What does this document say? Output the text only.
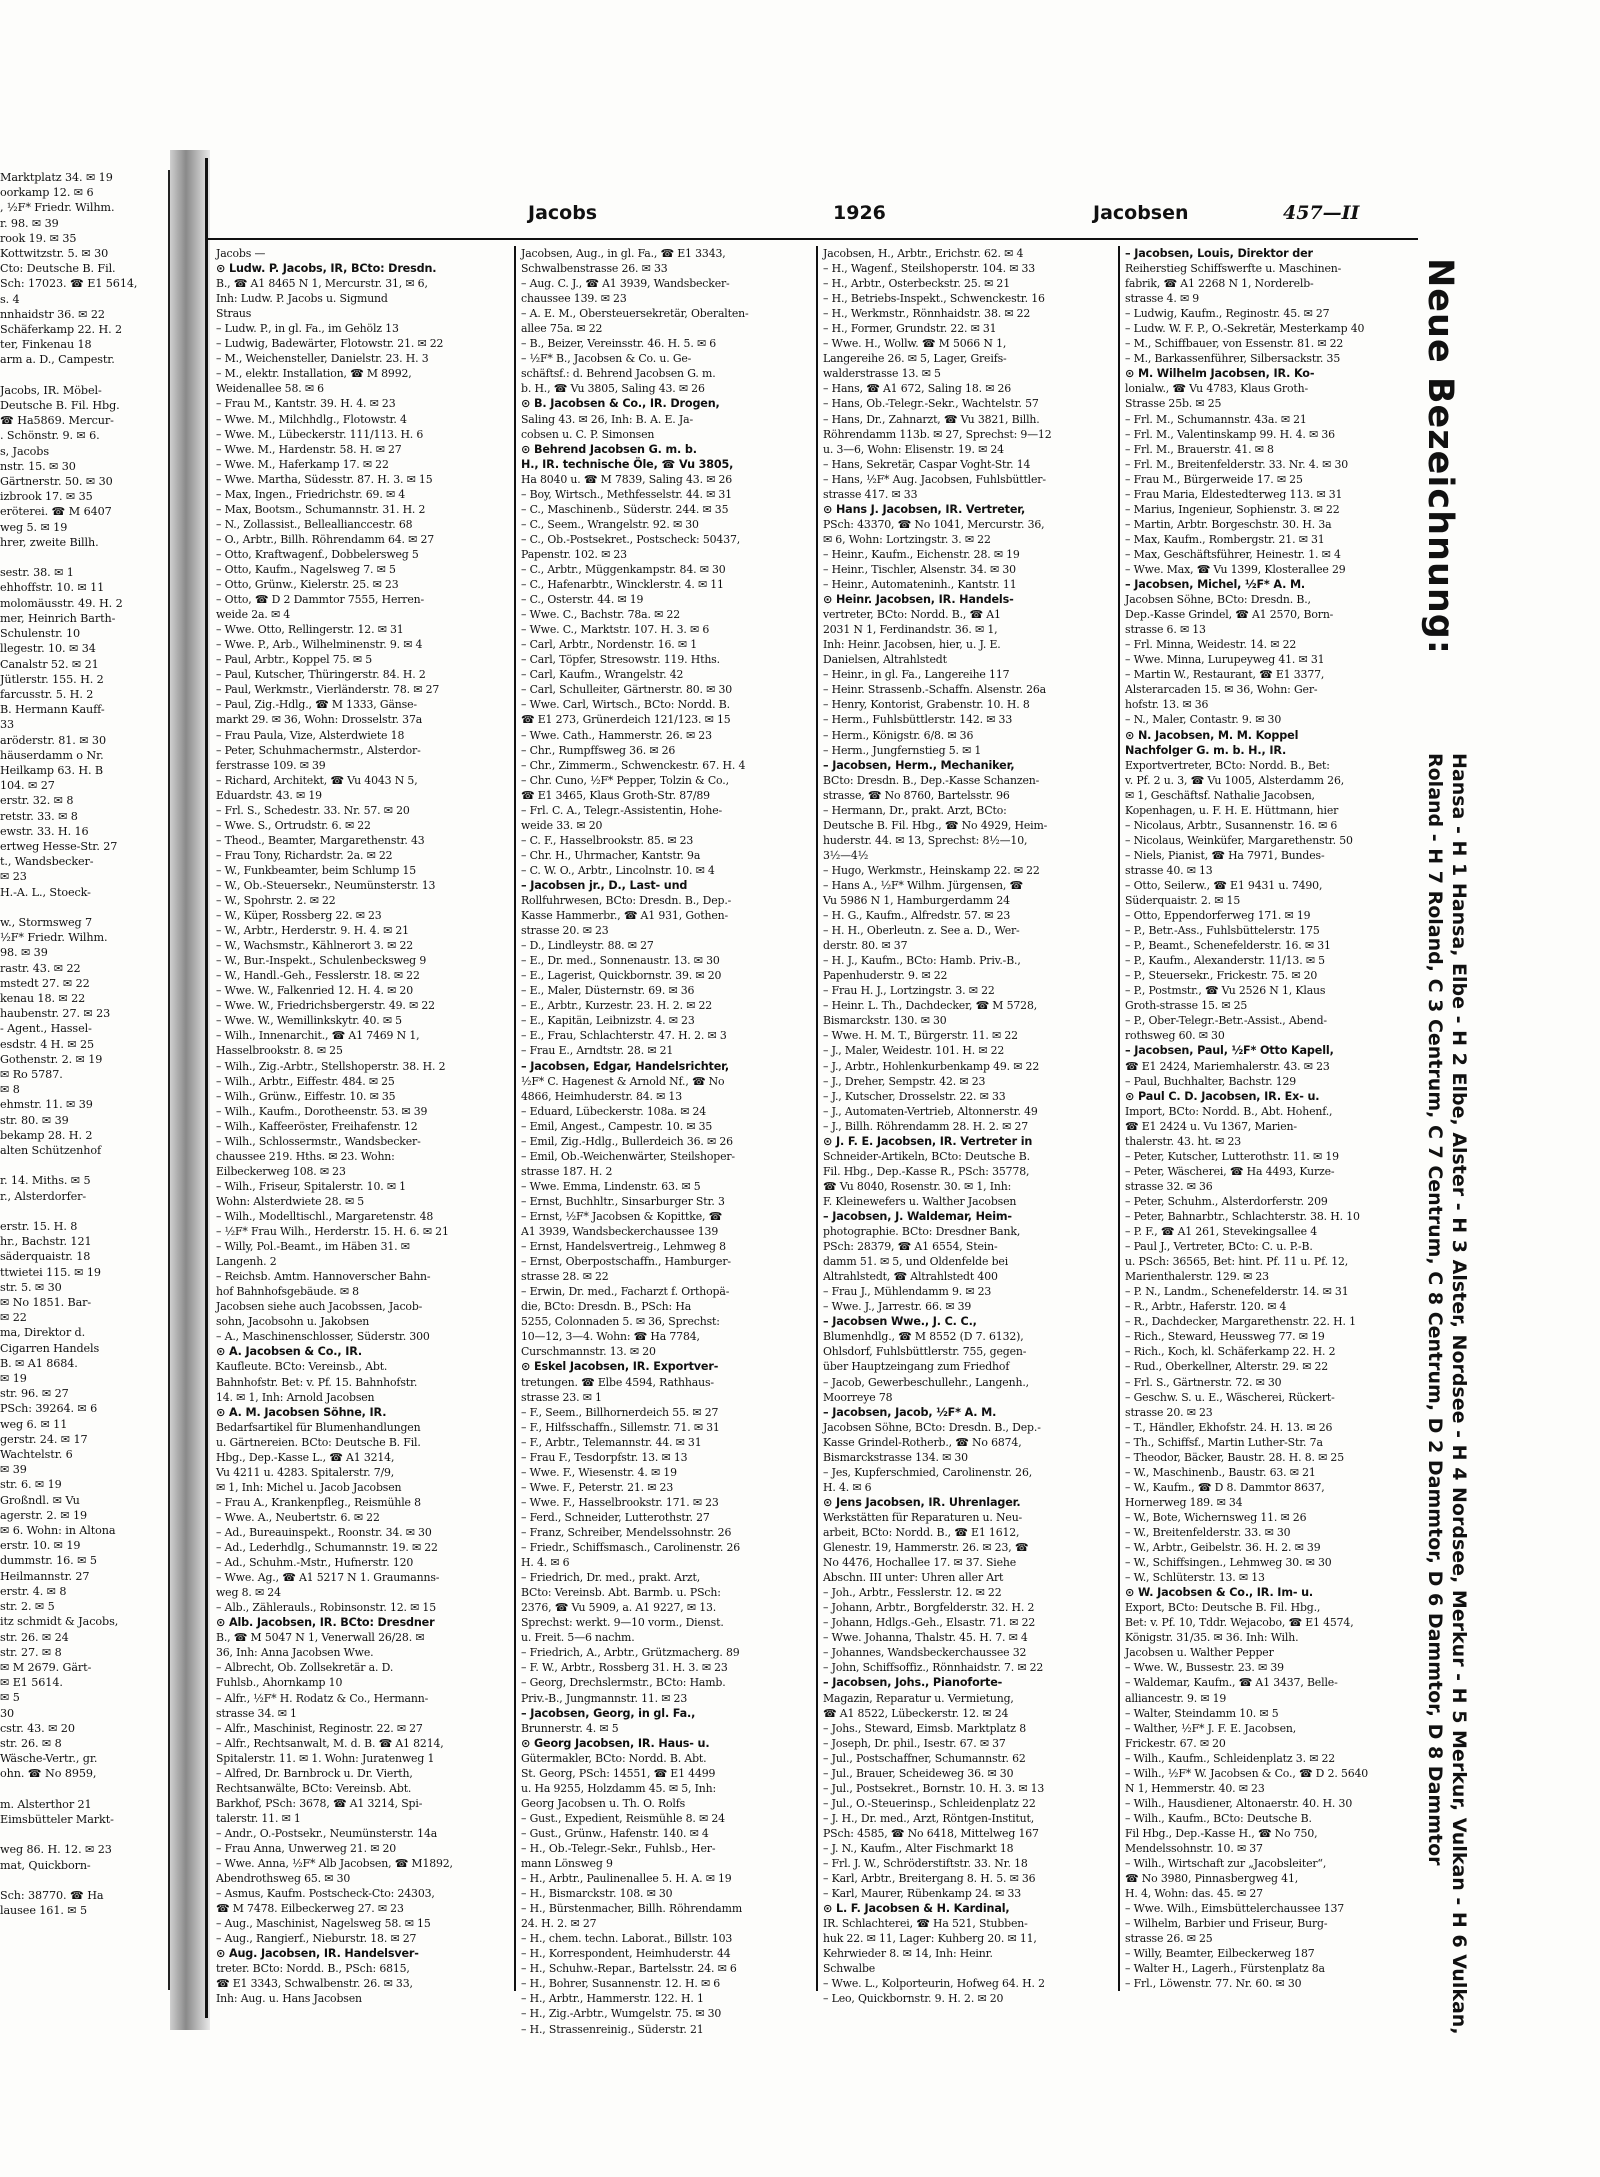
Marktplatz 34. ✉ 19
oorkamp 12. ✉ 6
, ½F* Friedr. Wilhm.
r. 98. ✉ 39
rook 19. ✉ 35
Kottwitzstr. 5. ✉ 30
Cto: Deutsche B. Fil.
Sch: 17023. ☎ E1 5614,
s. 4
nnhaidstr 36. ✉ 22
Schäferkamp 22. H. 2
ter, Finkenau 18
arm a. D., Campestr.

Jacobs, IR. Möbel-
Deutsche B. Fil. Hbg.
☎ Ha5869. Mercur-
. Schönstr. 9. ✉ 6.
s, Jacobs
nstr. 15. ✉ 30
Gärtnerstr. 50. ✉ 30
izbrook 17. ✉ 35
eröterei. ☎ M 6407
weg 5. ✉ 19
hrer, zweite Billh.

sestr. 38. ✉ 1
ehhoffstr. 10. ✉ 11
molomäusstr. 49. H. 2
mer, Heinrich Barth-
Schulenstr. 10
llegestr. 10. ✉ 34
Canalstr 52. ✉ 21
Jütlerstr. 155. H. 2
farcusstr. 5. H. 2
B. Hermann Kauff-
33
aröderstr. 81. ✉ 30
häuserdamm o Nr.
Heilkamp 63. H. B
104. ✉ 27
erstr. 32. ✉ 8
retstr. 33. ✉ 8
ewstr. 33. H. 16
ertweg Hesse-Str. 27
t., Wandsbecker-
✉ 23
H.-A. L., Stoeck-

w., Stormsweg 7
½F* Friedr. Wilhm.
98. ✉ 39
rastr. 43. ✉ 22
mstedt 27. ✉ 22
kenau 18. ✉ 22
haubenstr. 27. ✉ 23
- Agent., Hassel-
esdstr. 4 H. ✉ 25
Gothenstr. 2. ✉ 19
✉ Ro 5787.
✉ 8
ehmstr. 11. ✉ 39
str. 80. ✉ 39
bekamp 28. H. 2
alten Schützenhof

r. 14. Miths. ✉ 5
r., Alsterdorfer-

erstr. 15. H. 8
hr., Bachstr. 121
säderquaistr. 18
ttwietei 115. ✉ 19
str. 5. ✉ 30
✉ No 1851. Bar-
✉ 22
ma, Direktor d.
Cigarren Handels
B. ✉ A1 8684.
✉ 19
str. 96. ✉ 27
PSch: 39264. ✉ 6
weg 6. ✉ 11
gerstr. 24. ✉ 17
Wachtelstr. 6
✉ 39
str. 6. ✉ 19
Großndl. ✉ Vu
agerstr. 2. ✉ 19
✉ 6. Wohn: in Altona
erstr. 10. ✉ 19
dummstr. 16. ✉ 5
Heilmannstr. 27
erstr. 4. ✉ 8
str. 2. ✉ 5
itz schmidt & Jacobs,
str. 26. ✉ 24
str. 27. ✉ 8
✉ M 2679. Gärt-
✉ E1 5614.
✉ 5
30
cstr. 43. ✉ 20
str. 26. ✉ 8
Wäsche-Vertr., gr.
ohn. ☎ No 8959,

m. Alsterthor 21
Eimsbütteler Markt-

weg 86. H. 12. ✉ 23
mat, Quickborn-

Sch: 38770. ☎ Ha
lausee 161. ✉ 5
Jacobs	1926	Jacobsen	457—II
Jacobs —
⊙ Ludw. P. Jacobs, IR, BCto: Dresdn.
B., ☎ A1 8465 N 1, Mercurstr. 31, ✉ 6,
Inh: Ludw. P. Jacobs u. Sigmund
Straus
– Ludw. P., in gl. Fa., im Gehölz 13
– Ludwig, Badewärter, Flotowstr. 21. ✉ 22
– M., Weichensteller, Danielstr. 23. H. 3
– M., elektr. Installation, ☎ M 8992,
Weidenallee 58. ✉ 6
– Frau M., Kantstr. 39. H. 4. ✉ 23
– Wwe. M., Milchhdlg., Flotowstr. 4
– Wwe. M., Lübeckerstr. 111/113. H. 6
– Wwe. M., Hardenstr. 58. H. ✉ 27
– Wwe. M., Haferkamp 17. ✉ 22
– Wwe. Martha, Südesstr. 87. H. 3. ✉ 15
– Max, Ingen., Friedrichstr. 69. ✉ 4
– Max, Bootsm., Schumannstr. 31. H. 2
– N., Zollassist., Belleallianccestr. 68
– O., Arbtr., Billh. Röhrendamm 64. ✉ 27
– Otto, Kraftwagenf., Dobbelersweg 5
– Otto, Kaufm., Nagelsweg 7. ✉ 5
– Otto, Grünw., Kielerstr. 25. ✉ 23
– Otto, ☎ D 2 Dammtor 7555, Herren-
weide 2a. ✉ 4
– Wwe. Otto, Rellingerstr. 12. ✉ 31
– Wwe. P., Arb., Wilhelminenstr. 9. ✉ 4
– Paul, Arbtr., Koppel 75. ✉ 5
– Paul, Kutscher, Thüringerstr. 84. H. 2
– Paul, Werkmstr., Vierländerstr. 78. ✉ 27
– Paul, Zig.-Hdlg., ☎ M 1333, Gänse-
markt 29. ✉ 36, Wohn: Drosselstr. 37a
– Frau Paula, Vize, Alsterdwiete 18
– Peter, Schuhmachermstr., Alsterdor-
ferstrasse 109. ✉ 39
– Richard, Architekt, ☎ Vu 4043 N 5,
Eduardstr. 43. ✉ 19
– Frl. S., Schedestr. 33. Nr. 57. ✉ 20
– Wwe. S., Ortrudstr. 6. ✉ 22
– Theod., Beamter, Margarethenstr. 43
– Frau Tony, Richardstr. 2a. ✉ 22
– W., Funkbeamter, beim Schlump 15
– W., Ob.-Steuersekr., Neumünsterstr. 13
– W., Spohrstr. 2. ✉ 22
– W., Küper, Rossberg 22. ✉ 23
– W., Arbtr., Herderstr. 9. H. 4. ✉ 21
– W., Wachsmstr., Kählnerort 3. ✉ 22
– W., Bur.-Inspekt., Schulenbecksweg 9
– W., Handl.-Geh., Fesslerstr. 18. ✉ 22
– Wwe. W., Falkenried 12. H. 4. ✉ 20
– Wwe. W., Friedrichsbergerstr. 49. ✉ 22
– Wwe. W., Wemillinkskytr. 40. ✉ 5
– Wilh., Innenarchit., ☎ A1 7469 N 1,
Hasselbrookstr. 8. ✉ 25
– Wilh., Zig.-Arbtr., Stellshoperstr. 38. H. 2
– Wilh., Arbtr., Eiffestr. 484. ✉ 25
– Wilh., Grünw., Eiffestr. 10. ✉ 35
– Wilh., Kaufm., Dorotheenstr. 53. ✉ 39
– Wilh., Kaffeeröster, Freihafenstr. 12
– Wilh., Schlossermstr., Wandsbecker-
chaussee 219. Hths. ✉ 23. Wohn:
Eilbeckerweg 108. ✉ 23
– Wilh., Friseur, Spitalerstr. 10. ✉ 1
Wohn: Alsterdwiete 28. ✉ 5
– Wilh., Modelltischl., Margaretenstr. 48
– ½F* Frau Wilh., Herderstr. 15. H. 6. ✉ 21
– Willy, Pol.-Beamt., im Häben 31. ✉
Langenh. 2
– Reichsb. Amtm. Hannoverscher Bahn-
hof Bahnhofsgebäude. ✉ 8
Jacobsen siehe auch Jacobssen, Jacob-
sohn, Jacobsohn u. Jakobsen
– A., Maschinenschlosser, Süderstr. 300
⊙ A. Jacobsen & Co., IR.
Kaufleute. BCto: Vereinsb., Abt.
Bahnhofstr. Bet: v. Pf. 15. Bahnhofstr.
14. ✉ 1, Inh: Arnold Jacobsen
⊙ A. M. Jacobsen Söhne, IR.
Bedarfsartikel für Blumenhandlungen
u. Gärtnereien. BCto: Deutsche B. Fil.
Hbg., Dep.-Kasse L., ☎ A1 3214,
Vu 4211 u. 4283. Spitalerstr. 7/9,
✉ 1, Inh: Michel u. Jacob Jacobsen
– Frau A., Krankenpfleg., Reismühle 8
– Wwe. A., Neubertstr. 6. ✉ 22
– Ad., Bureauinspekt., Roonstr. 34. ✉ 30
– Ad., Lederhdlg., Schumannstr. 19. ✉ 22
– Ad., Schuhm.-Mstr., Hufnerstr. 120
– Wwe. Ag., ☎ A1 5217 N 1. Graumanns-
weg 8. ✉ 24
– Alb., Zählerauls., Robinsonstr. 12. ✉ 15
⊙ Alb. Jacobsen, IR. BCto: Dresdner
B., ☎ M 5047 N 1, Venerwall 26/28. ✉
36, Inh: Anna Jacobsen Wwe.
– Albrecht, Ob. Zollsekretär a. D.
Fuhlsb., Ahornkamp 10
– Alfr., ½F* H. Rodatz & Co., Hermann-
strasse 34. ✉ 1
– Alfr., Maschinist, Reginostr. 22. ✉ 27
– Alfr., Rechtsanwalt, M. d. B. ☎ A1 8214,
Spitalerstr. 11. ✉ 1. Wohn: Juratenweg 1
– Alfred, Dr. Barnbrock u. Dr. Vierth,
Rechtsanwälte, BCto: Vereinsb. Abt.
Barkhof, PSch: 3678, ☎ A1 3214, Spi-
talerstr. 11. ✉ 1
– Andr., O.-Postsekr., Neumünsterstr. 14a
– Frau Anna, Unwerweg 21. ✉ 20
– Wwe. Anna, ½F* Alb Jacobsen, ☎ M1892,
Abendrothsweg 65. ✉ 30
– Asmus, Kaufm. Postscheck-Cto: 24303,
☎ M 7478. Eilbeckerweg 27. ✉ 23
– Aug., Maschinist, Nagelsweg 58. ✉ 15
– Aug., Rangierf., Nieburstr. 18. ✉ 27
⊙ Aug. Jacobsen, IR. Handelsver-
treter. BCto: Nordd. B., PSch: 6815,
☎ E1 3343, Schwalbenstr. 26. ✉ 33,
Inh: Aug. u. Hans Jacobsen
Jacobsen, Aug., in gl. Fa., ☎ E1 3343,
Schwalbenstrasse 26. ✉ 33
– Aug. C. J., ☎ A1 3939, Wandsbecker-
chaussee 139. ✉ 23
– A. E. M., Obersteuersekretär, Oberalten-
allee 75a. ✉ 22
– B., Beizer, Vereinsstr. 46. H. 5. ✉ 6
– ½F* B., Jacobsen & Co. u. Ge-
schäftsf.: d. Behrend Jacobsen G. m.
b. H., ☎ Vu 3805, Saling 43. ✉ 26
⊙ B. Jacobsen & Co., IR. Drogen,
Saling 43. ✉ 26, Inh: B. A. E. Ja-
cobsen u. C. P. Simonsen
⊙ Behrend Jacobsen G. m. b.
H., IR. technische Öle, ☎ Vu 3805,
Ha 8040 u. ☎ M 7839, Saling 43. ✉ 26
– Boy, Wirtsch., Methfesselstr. 44. ✉ 31
– C., Maschinenb., Süderstr. 244. ✉ 35
– C., Seem., Wrangelstr. 92. ✉ 30
– C., Ob.-Postsekret., Postscheck: 50437,
Papenstr. 102. ✉ 23
– C., Arbtr., Müggenkampstr. 84. ✉ 30
– C., Hafenarbtr., Wincklerstr. 4. ✉ 11
– C., Osterstr. 44. ✉ 19
– Wwe. C., Bachstr. 78a. ✉ 22
– Wwe. C., Marktstr. 107. H. 3. ✉ 6
– Carl, Arbtr., Nordenstr. 16. ✉ 1
– Carl, Töpfer, Stresowstr. 119. Hths.
– Carl, Kaufm., Wrangelstr. 42
– Carl, Schulleiter, Gärtnerstr. 80. ✉ 30
– Wwe. Carl, Wirtsch., BCto: Nordd. B.
☎ E1 273, Grünerdeich 121/123. ✉ 15
– Wwe. Cath., Hammerstr. 26. ✉ 23
– Chr., Rumpffsweg 36. ✉ 26
– Chr., Zimmerm., Schwenckestr. 67. H. 4
– Chr. Cuno, ½F* Pepper, Tolzin & Co.,
☎ E1 3465, Klaus Groth-Str. 87/89
– Frl. C. A., Telegr.-Assistentin, Hohe-
weide 33. ✉ 20
– C. F., Hasselbrookstr. 85. ✉ 23
– Chr. H., Uhrmacher, Kantstr. 9a
– C. W. O., Arbtr., Lincolnstr. 10. ✉ 4
– Jacobsen jr., D., Last- und
Rollfuhrwesen, BCto: Dresdn. B., Dep.-
Kasse Hammerbr., ☎ A1 931, Gothen-
strasse 20. ✉ 23
– D., Lindleystr. 88. ✉ 27
– E., Dr. med., Sonnenaustr. 13. ✉ 30
– E., Lagerist, Quickbornstr. 39. ✉ 20
– E., Maler, Düsternstr. 69. ✉ 36
– E., Arbtr., Kurzestr. 23. H. 2. ✉ 22
– E., Kapitän, Leibnizstr. 4. ✉ 23
– E., Frau, Schlachterstr. 47. H. 2. ✉ 3
– Frau E., Arndtstr. 28. ✉ 21
– Jacobsen, Edgar, Handelsrichter,
½F* C. Hagenest & Arnold Nf., ☎ No
4866, Heimhuderstr. 84. ✉ 13
– Eduard, Lübeckerstr. 108a. ✉ 24
– Emil, Angest., Campestr. 10. ✉ 35
– Emil, Zig.-Hdlg., Bullerdeich 36. ✉ 26
– Emil, Ob.-Weichenwärter, Steilshoper-
strasse 187. H. 2
– Wwe. Emma, Lindenstr. 63. ✉ 5
– Ernst, Buchhltr., Sinsarburger Str. 3
– Ernst, ½F* Jacobsen & Kopittke, ☎
A1 3939, Wandsbeckerchaussee 139
– Ernst, Handelsvertreig., Lehmweg 8
– Ernst, Oberpostschaffn., Hamburger-
strasse 28. ✉ 22
– Erwin, Dr. med., Facharzt f. Orthopä-
die, BCto: Dresdn. B., PSch: Ha
5255, Colonnaden 5. ✉ 36, Sprechst:
10—12, 3—4. Wohn: ☎ Ha 7784,
Curschmannstr. 13. ✉ 20
⊙ Eskel Jacobsen, IR. Exportver-
tretungen. ☎ Elbe 4594, Rathhaus-
strasse 23. ✉ 1
– F., Seem., Billhornerdeich 55. ✉ 27
– F., Hilfsschaffn., Sillemstr. 71. ✉ 31
– F., Arbtr., Telemannstr. 44. ✉ 31
– Frau F., Tesdorpfstr. 13. ✉ 13
– Wwe. F., Wiesenstr. 4. ✉ 19
– Wwe. F., Peterstr. 21. ✉ 23
– Wwe. F., Hasselbrookstr. 171. ✉ 23
– Ferd., Schneider, Lutterothstr. 27
– Franz, Schreiber, Mendelssohnstr. 26
– Friedr., Schiffsmasch., Carolinenstr. 26
H. 4. ✉ 6
– Friedrich, Dr. med., prakt. Arzt,
BCto: Vereinsb. Abt. Barmb. u. PSch:
2376, ☎ Vu 5909, a. A1 9227, ✉ 13.
Sprechst: werkt. 9—10 vorm., Dienst.
u. Freit. 5—6 nachm.
– Friedrich, A., Arbtr., Grützmacherg. 89
– F. W., Arbtr., Rossberg 31. H. 3. ✉ 23
– Georg, Drechslermstr., BCto: Hamb.
Priv.-B., Jungmannstr. 11. ✉ 23
– Jacobsen, Georg, in gl. Fa.,
Brunnerstr. 4. ✉ 5
⊙ Georg Jacobsen, IR. Haus- u.
Gütermakler, BCto: Nordd. B. Abt.
St. Georg, PSch: 14551, ☎ E1 4499
u. Ha 9255, Holzdamm 45. ✉ 5, Inh:
Georg Jacobsen u. Th. O. Rolfs
– Gust., Expedient, Reismühle 8. ✉ 24
– Gust., Grünw., Hafenstr. 140. ✉ 4
– H., Ob.-Telegr.-Sekr., Fuhlsb., Her-
mann Lönsweg 9
– H., Arbtr., Paulinenallee 5. H. A. ✉ 19
– H., Bismarckstr. 108. ✉ 30
– H., Bürstenmacher, Billh. Röhrendamm
24. H. 2. ✉ 27
– H., chem. techn. Laborat., Billstr. 103
– H., Korrespondent, Heimhuderstr. 44
– H., Schuhw.-Repar., Bartelsstr. 24. ✉ 6
– H., Bohrer, Susannenstr. 12. H. ✉ 6
– H., Arbtr., Hammerstr. 122. H. 1
– H., Zig.-Arbtr., Wumgelstr. 75. ✉ 30
– H., Strassenreinig., Süderstr. 21
Jacobsen, H., Arbtr., Erichstr. 62. ✉ 4
– H., Wagenf., Steilshoperstr. 104. ✉ 33
– H., Arbtr., Osterbeckstr. 25. ✉ 21
– H., Betriebs-Inspekt., Schwenckestr. 16
– H., Werkmstr., Rönnhaidstr. 38. ✉ 22
– H., Former, Grundstr. 22. ✉ 31
– Wwe. H., Wollw. ☎ M 5066 N 1,
Langereihe 26. ✉ 5, Lager, Greifs-
walderstrasse 13. ✉ 5
– Hans, ☎ A1 672, Saling 18. ✉ 26
– Hans, Ob.-Telegr.-Sekr., Wachtelstr. 57
– Hans, Dr., Zahnarzt, ☎ Vu 3821, Billh.
Röhrendamm 113b. ✉ 27, Sprechst: 9—12
u. 3—6, Wohn: Elisenstr. 19. ✉ 24
– Hans, Sekretär, Caspar Voght-Str. 14
– Hans, ½F* Aug. Jacobsen, Fuhlsbüttler-
strasse 417. ✉ 33
⊙ Hans J. Jacobsen, IR. Vertreter,
PSch: 43370, ☎ No 1041, Mercurstr. 36,
✉ 6, Wohn: Lortzingstr. 3. ✉ 22
– Heinr., Kaufm., Eichenstr. 28. ✉ 19
– Heinr., Tischler, Alsenstr. 34. ✉ 30
– Heinr., Automateninh., Kantstr. 11
⊙ Heinr. Jacobsen, IR. Handels-
vertreter, BCto: Nordd. B., ☎ A1
2031 N 1, Ferdinandstr. 36. ✉ 1,
Inh: Heinr. Jacobsen, hier, u. J. E.
Danielsen, Altrahlstedt
– Heinr., in gl. Fa., Langereihe 117
– Heinr. Strassenb.-Schaffn. Alsenstr. 26a
– Henry, Kontorist, Grabenstr. 10. H. 8
– Herm., Fuhlsbüttlerstr. 142. ✉ 33
– Herm., Königstr. 6/8. ✉ 36
– Herm., Jungfernstieg 5. ✉ 1
– Jacobsen, Herm., Mechaniker,
BCto: Dresdn. B., Dep.-Kasse Schanzen-
strasse, ☎ No 8760, Bartelsstr. 96
– Hermann, Dr., prakt. Arzt, BCto:
Deutsche B. Fil. Hbg., ☎ No 4929, Heim-
huderstr. 44. ✉ 13, Sprechst: 8½—10,
3½—4½
– Hugo, Werkmstr., Heinskamp 22. ✉ 22
– Hans A., ½F* Wilhm. Jürgensen, ☎
Vu 5986 N 1, Hamburgerdamm 24
– H. G., Kaufm., Alfredstr. 57. ✉ 23
– H. H., Oberleutn. z. See a. D., Wer-
derstr. 80. ✉ 37
– H. J., Kaufm., BCto: Hamb. Priv.-B.,
Papenhuderstr. 9. ✉ 22
– Frau H. J., Lortzingstr. 3. ✉ 22
– Heinr. L. Th., Dachdecker, ☎ M 5728,
Bismarckstr. 130. ✉ 30
– Wwe. H. M. T., Bürgerstr. 11. ✉ 22
– J., Maler, Weidestr. 101. H. ✉ 22
– J., Arbtr., Hohlenkurbenkamp 49. ✉ 22
– J., Dreher, Sempstr. 42. ✉ 23
– J., Kutscher, Drosselstr. 22. ✉ 33
– J., Automaten-Vertrieb, Altonnerstr. 49
– J., Billh. Röhrendamm 28. H. 2. ✉ 27
⊙ J. F. E. Jacobsen, IR. Vertreter in
Schneider-Artikeln, BCto: Deutsche B.
Fil. Hbg., Dep.-Kasse R., PSch: 35778,
☎ Vu 8040, Rosenstr. 30. ✉ 1, Inh:
F. Kleinewefers u. Walther Jacobsen
– Jacobsen, J. Waldemar, Heim-
photographie. BCto: Dresdner Bank,
PSch: 28379, ☎ A1 6554, Stein-
damm 51. ✉ 5, und Oldenfelde bei
Altrahlstedt, ☎ Altrahlstedt 400
– Frau J., Mühlendamm 9. ✉ 23
– Wwe. J., Jarrestr. 66. ✉ 39
– Jacobsen Wwe., J. C. C.,
Blumenhdlg., ☎ M 8552 (D 7. 6132),
Ohlsdorf, Fuhlsbüttlerstr. 755, gegen-
über Hauptzeingang zum Friedhof
– Jacob, Gewerbeschullehr., Langenh.,
Moorreye 78
– Jacobsen, Jacob, ½F* A. M.
Jacobsen Söhne, BCto: Dresdn. B., Dep.-
Kasse Grindel-Rotherb., ☎ No 6874,
Bismarckstrasse 134. ✉ 30
– Jes, Kupferschmied, Carolinenstr. 26,
H. 4. ✉ 6
⊙ Jens Jacobsen, IR. Uhrenlager.
Werkstätten für Reparaturen u. Neu-
arbeit, BCto: Nordd. B., ☎ E1 1612,
Glenestr. 19, Hammerstr. 26. ✉ 23, ☎
No 4476, Hochallee 17. ✉ 37. Siehe
Abschn. III unter: Uhren aller Art
– Joh., Arbtr., Fesslerstr. 12. ✉ 22
– Johann, Arbtr., Borgfelderstr. 32. H. 2
– Johann, Hdlgs.-Geh., Elsastr. 71. ✉ 22
– Wwe. Johanna, Thalstr. 45. H. 7. ✉ 4
– Johannes, Wandsbeckerchaussee 32
– John, Schiffsoffiz., Rönnhaidstr. 7. ✉ 22
– Jacobsen, Johs., Pianoforte-
Magazin, Reparatur u. Vermietung,
☎ A1 8522, Lübeckerstr. 12. ✉ 24
– Johs., Steward, Eimsb. Marktplatz 8
– Joseph, Dr. phil., Isestr. 67. ✉ 37
– Jul., Postschaffner, Schumannstr. 62
– Jul., Brauer, Scheideweg 36. ✉ 30
– Jul., Postsekret., Bornstr. 10. H. 3. ✉ 13
– Jul., O.-Steuerinsp., Schleidenplatz 22
– J. H., Dr. med., Arzt, Röntgen-Institut,
PSch: 4585, ☎ No 6418, Mittelweg 167
– J. N., Kaufm., Alter Fischmarkt 18
– Frl. J. W., Schröderstiftstr. 33. Nr. 18
– Karl, Arbtr., Breitergang 8. H. 5. ✉ 36
– Karl, Maurer, Rübenkamp 24. ✉ 33
⊙ L. F. Jacobsen & H. Kardinal,
IR. Schlachterei, ☎ Ha 521, Stubben-
huk 22. ✉ 11, Lager: Kuhberg 20. ✉ 11,
Kehrwieder 8. ✉ 14, Inh: Heinr.
Schwalbe
– Wwe. L., Kolporteurin, Hofweg 64. H. 2
– Leo, Quickbornstr. 9. H. 2. ✉ 20
– Jacobsen, Louis, Direktor der
Reiherstieg Schiffswerfte u. Maschinen-
fabrik, ☎ A1 2268 N 1, Norderelb-
strasse 4. ✉ 9
– Ludwig, Kaufm., Reginostr. 45. ✉ 27
– Ludw. W. F. P., O.-Sekretär, Mesterkamp 40
– M., Schiffbauer, von Essenstr. 81. ✉ 22
– M., Barkassenführer, Silbersackstr. 35
⊙ M. Wilhelm Jacobsen, IR. Ko-
lonialw., ☎ Vu 4783, Klaus Groth-
Strasse 25b. ✉ 25
– Frl. M., Schumannstr. 43a. ✉ 21
– Frl. M., Valentinskamp 99. H. 4. ✉ 36
– Frl. M., Brauerstr. 41. ✉ 8
– Frl. M., Breitenfelderstr. 33. Nr. 4. ✉ 30
– Frau M., Bürgerweide 17. ✉ 25
– Frau Maria, Eldestedterweg 113. ✉ 31
– Marius, Ingenieur, Sophienstr. 3. ✉ 22
– Martin, Arbtr. Borgeschstr. 30. H. 3a
– Max, Kaufm., Rombergstr. 21. ✉ 31
– Max, Geschäftsführer, Heinestr. 1. ✉ 4
– Wwe. Max, ☎ Vu 1399, Klosterallee 29
– Jacobsen, Michel, ½F* A. M.
Jacobsen Söhne, BCto: Dresdn. B.,
Dep.-Kasse Grindel, ☎ A1 2570, Born-
strasse 6. ✉ 13
– Frl. Minna, Weidestr. 14. ✉ 22
– Wwe. Minna, Lurupeyweg 41. ✉ 31
– Martin W., Restaurant, ☎ E1 3377,
Alsterarcaden 15. ✉ 36, Wohn: Ger-
hofstr. 13. ✉ 36
– N., Maler, Contastr. 9. ✉ 30
⊙ N. Jacobsen, M. M. Koppel
Nachfolger G. m. b. H., IR.
Exportvertreter, BCto: Nordd. B., Bet:
v. Pf. 2 u. 3, ☎ Vu 1005, Alsterdamm 26,
✉ 1, Geschäftsf. Nathalie Jacobsen,
Kopenhagen, u. F. H. E. Hüttmann, hier
– Nicolaus, Arbtr., Susannenstr. 16. ✉ 6
– Nicolaus, Weinküfer, Margarethenstr. 50
– Niels, Pianist, ☎ Ha 7971, Bundes-
strasse 40. ✉ 13
– Otto, Seilerw., ☎ E1 9431 u. 7490,
Süderquaistr. 2. ✉ 15
– Otto, Eppendorferweg 171. ✉ 19
– P., Betr.-Ass., Fuhlsbüttelerstr. 175
– P., Beamt., Schenefelderstr. 16. ✉ 31
– P., Kaufm., Alexanderstr. 11/13. ✉ 5
– P., Steuersekr., Frickestr. 75. ✉ 20
– P., Postmstr., ☎ Vu 2526 N 1, Klaus
Groth-strasse 15. ✉ 25
– P., Ober-Telegr.-Betr.-Assist., Abend-
rothsweg 60. ✉ 30
– Jacobsen, Paul, ½F* Otto Kapell,
☎ E1 2424, Mariemhalerstr. 43. ✉ 23
– Paul, Buchhalter, Bachstr. 129
⊙ Paul C. D. Jacobsen, IR. Ex- u.
Import, BCto: Nordd. B., Abt. Hohenf.,
☎ E1 2424 u. Vu 1367, Marien-
thalerstr. 43. ht. ✉ 23
– Peter, Kutscher, Lutterothstr. 11. ✉ 19
– Peter, Wäscherei, ☎ Ha 4493, Kurze-
strasse 32. ✉ 36
– Peter, Schuhm., Alsterdorferstr. 209
– Peter, Bahnarbtr., Schlachterstr. 38. H. 10
– P. F., ☎ A1 261, Stevekingsallee 4
– Paul J., Vertreter, BCto: C. u. P.-B.
u. PSch: 36565, Bet: hint. Pf. 11 u. Pf. 12,
Marienthalerstr. 129. ✉ 23
– P. N., Landm., Schenefelderstr. 14. ✉ 31
– R., Arbtr., Haferstr. 120. ✉ 4
– R., Dachdecker, Margarethenstr. 22. H. 1
– Rich., Steward, Heussweg 77. ✉ 19
– Rich., Koch, kl. Schäferkamp 22. H. 2
– Rud., Oberkellner, Alterstr. 29. ✉ 22
– Frl. S., Gärtnerstr. 72. ✉ 30
– Geschw. S. u. E., Wäscherei, Rückert-
strasse 20. ✉ 23
– T., Händler, Ekhofstr. 24. H. 13. ✉ 26
– Th., Schiffsf., Martin Luther-Str. 7a
– Theodor, Bäcker, Baustr. 28. H. 8. ✉ 25
– W., Maschinenb., Baustr. 63. ✉ 21
– W., Kaufm., ☎ D 8. Dammtor 8637,
Hornerweg 189. ✉ 34
– W., Bote, Wichernsweg 11. ✉ 26
– W., Breitenfelderstr. 33. ✉ 30
– W., Arbtr., Geibelstr. 36. H. 2. ✉ 39
– W., Schiffsingen., Lehmweg 30. ✉ 30
– W., Schlüterstr. 13. ✉ 13
⊙ W. Jacobsen & Co., IR. Im- u.
Export, BCto: Deutsche B. Fil. Hbg.,
Bet: v. Pf. 10, Tddr. Wejacobo, ☎ E1 4574,
Königstr. 31/35. ✉ 36. Inh: Wilh.
Jacobsen u. Walther Pepper
– Wwe. W., Bussestr. 23. ✉ 39
– Waldemar, Kaufm., ☎ A1 3437, Belle-
alliancestr. 9. ✉ 19
– Walter, Steindamm 10. ✉ 5
– Walther, ½F* J. F. E. Jacobsen,
Frickestr. 67. ✉ 20
– Wilh., Kaufm., Schleidenplatz 3. ✉ 22
– Wilh., ½F* W. Jacobsen & Co., ☎ D 2. 5640
N 1, Hemmerstr. 40. ✉ 23
– Wilh., Hausdiener, Altonaerstr. 40. H. 30
– Wilh., Kaufm., BCto: Deutsche B.
Fil Hbg., Dep.-Kasse H., ☎ No 750,
Mendelssohnstr. 10. ✉ 37
– Wilh., Wirtschaft zur „Jacobsleiter“,
☎ No 3980, Pinnasbergweg 41,
H. 4, Wohn: das. 45. ✉ 27
– Wwe. Wilh., Eimsbüttelerchaussee 137
– Wilhelm, Barbier und Friseur, Burg-
strasse 26. ✉ 25
– Willy, Beamter, Eilbeckerweg 187
– Walter H., Lagerh., Fürstenplatz 8a
– Frl., Löwenstr. 77. Nr. 60. ✉ 30
Neue Bezeichnung:
Hansa - H 1 Hansa, Elbe - H 2 Elbe, Alster - H 3 Alster, Nordsee - H 4 Nordsee, Merkur - H 5 Merkur, Vulkan - H 6 Vulkan,
Roland - H 7 Roland, C 3 Centrum, C 7 Centrum, C 8 Centrum, D 2 Dammtor, D 6 Dammtor, D 8 Dammtor
